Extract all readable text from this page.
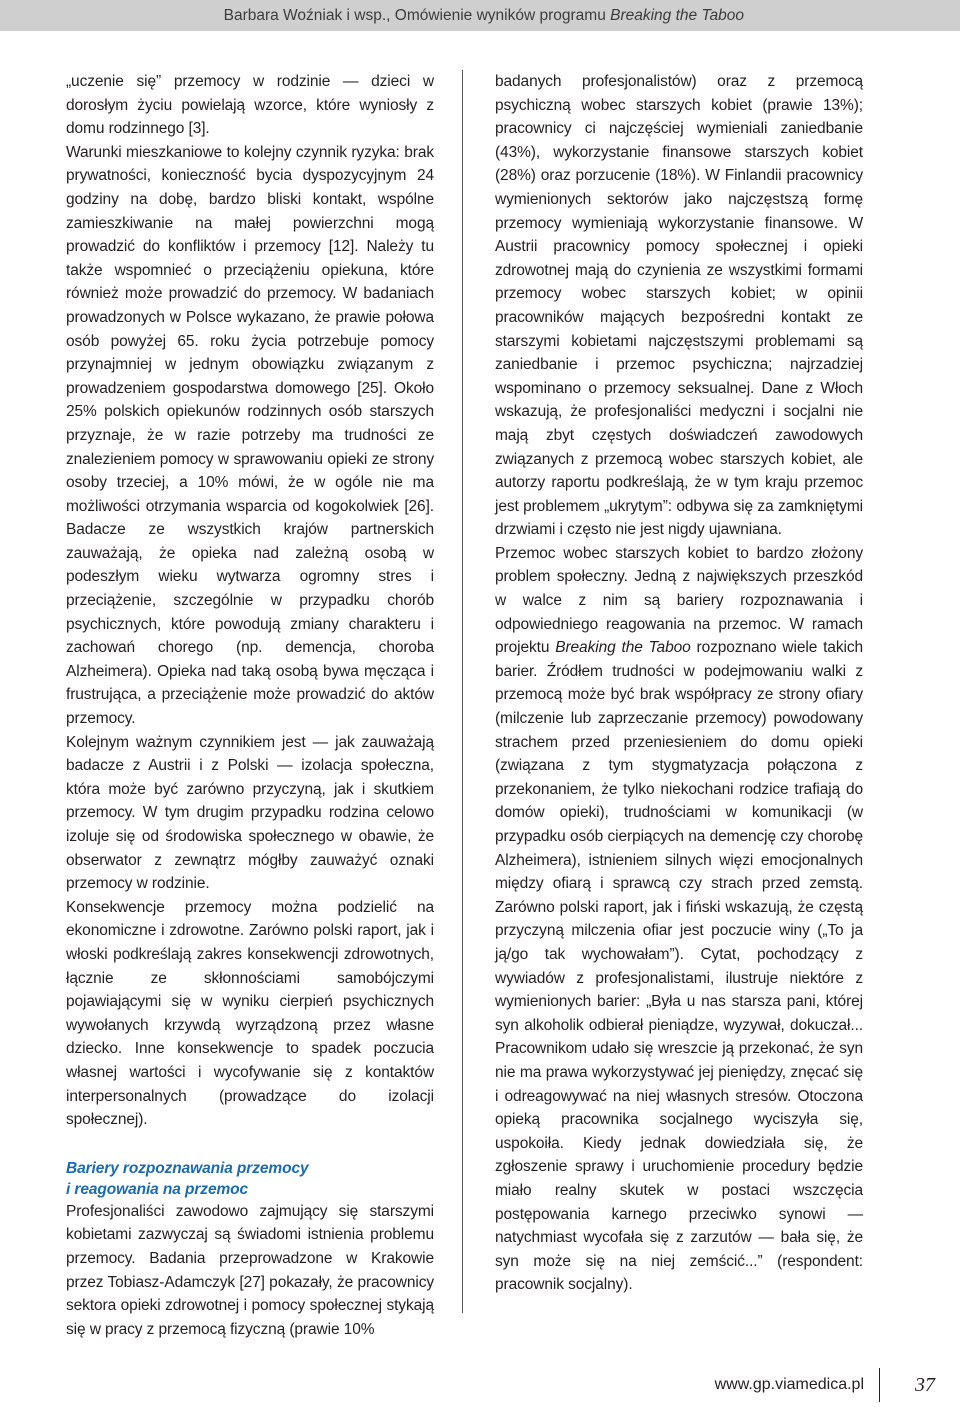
Barbara Woźniak i wsp., Omówienie wyników programu Breaking the Taboo

„uczenie się” przemocy w rodzinie — dzieci w dorosłym życiu powielają wzorce, które wyniosły z domu rodzinnego [3].

Warunki mieszkaniowe to kolejny czynnik ryzyka: brak prywatności, konieczność bycia dyspozycyjnym 24 godziny na dobę, bardzo bliski kontakt, wspólne zamieszkiwanie na małej powierzchni mogą prowadzić do konfliktów i przemocy [12]. Należy tu także wspomnieć o przeciążeniu opiekuna, które również może prowadzić do przemocy. W badaniach prowadzonych w Polsce wykazano, że prawie połowa osób powyżej 65. roku życia potrzebuje pomocy przynajmniej w jednym obowiązku związanym z prowadzeniem gospodarstwa domowego [25]. Około 25% polskich opiekunów rodzinnych osób starszych przyznaje, że w razie potrzeby ma trudności ze znalezieniem pomocy w sprawowaniu opieki ze strony osoby trzeciej, a 10% mówi, że w ogóle nie ma możliwości otrzymania wsparcia od kogokolwiek [26]. Badacze ze wszystkich krajów partnerskich zauważają, że opieka nad zależną osobą w podeszłym wieku wytwarza ogromny stres i przeciążenie, szczególnie w przypadku chorób psychicznych, które powodują zmiany charakteru i zachowań chorego (np. demencja, choroba Alzheimera). Opieka nad taką osobą bywa męcząca i frustrująca, a przeciążenie może prowadzić do aktów przemocy.

Kolejnym ważnym czynnikiem jest — jak zauważają badacze z Austrii i z Polski — izolacja społeczna, która może być zarówno przyczyną, jak i skutkiem przemocy. W tym drugim przypadku rodzina celowo izoluje się od środowiska społecznego w obawie, że obserwator z zewnątrz mógłby zauważyć oznaki przemocy w rodzinie.

Konsekwencje przemocy można podzielić na ekonomiczne i zdrowotne. Zarówno polski raport, jak i włoski podkreślają zakres konsekwencji zdrowotnych, łącznie ze skłonnościami samobójczymi pojawiającymi się w wyniku cierpień psychicznych wywołanych krzywdą wyrządzoną przez własne dziecko. Inne konsekwencje to spadek poczucia własnej wartości i wycofywanie się z kontaktów interpersonalnych (prowadzące do izolacji społecznej).

Bariery rozpoznawania przemocy
i reagowania na przemoc

Profesjonaliści zawodowo zajmujący się starszymi kobietami zazwyczaj są świadomi istnienia problemu przemocy. Badania przeprowadzone w Krakowie przez Tobiasz-Adamczyk [27] pokazały, że pracownicy sektora opieki zdrowotnej i pomocy społecznej stykają się w pracy z przemocą fizyczną (prawie 10%

badanych profesjonalistów) oraz z przemocą psychiczną wobec starszych kobiet (prawie 13%); pracownicy ci najczęściej wymieniali zaniedbanie (43%), wykorzystanie finansowe starszych kobiet (28%) oraz porzucenie (18%). W Finlandii pracownicy wymienionych sektorów jako najczęstszą formę przemocy wymieniają wykorzystanie finansowe. W Austrii pracownicy pomocy społecznej i opieki zdrowotnej mają do czynienia ze wszystkimi formami przemocy wobec starszych kobiet; w opinii pracowników mających bezpośredni kontakt ze starszymi kobietami najczęstszymi problemami są zaniedbanie i przemoc psychiczna; najrzadziej wspominano o przemocy seksualnej. Dane z Włoch wskazują, że profesjonaliści medyczni i socjalni nie mają zbyt częstych doświadczeń zawodowych związanych z przemocą wobec starszych kobiet, ale autorzy raportu podkreślają, że w tym kraju przemoc jest problemem „ukrytym”: odbywa się za zamkniętymi drzwiami i często nie jest nigdy ujawniana.

Przemoc wobec starszych kobiet to bardzo złożony problem społeczny. Jedną z największych przeszkód w walce z nim są bariery rozpoznawania i odpowiedniego reagowania na przemoc. W ramach projektu Breaking the Taboo rozpoznano wiele takich barier. Źródłem trudności w podejmowaniu walki z przemocą może być brak współpracy ze strony ofiary (milczenie lub zaprzeczanie przemocy) powodowany strachem przed przeniesieniem do domu opieki (związana z tym stygmatyzacja połączona z przekonaniem, że tylko niekochani rodzice trafiają do domów opieki), trudnościami w komunikacji (w przypadku osób cierpiących na demencję czy chorobę Alzheimera), istnieniem silnych więzi emocjonalnych między ofiarą i sprawcą czy strach przed zemstą. Zarówno polski raport, jak i fiński wskazują, że częstą przyczyną milczenia ofiar jest poczucie winy („To ja ją/go tak wychowałam”). Cytat, pochodzący z wywiadów z profesjonalistami, ilustruje niektóre z wymienionych barier: „Była u nas starsza pani, której syn alkoholik odbierał pieniądze, wyzywał, dokuczał... Pracownikom udało się wreszcie ją przekonać, że syn nie ma prawa wykorzystywać jej pieniędzy, znęcać się i odreagowywać na niej własnych stresów. Otoczona opieką pracownika socjalnego wyciszyła się, uspokoiła. Kiedy jednak dowiedziała się, że zgłoszenie sprawy i uruchomienie procedury będzie miało realny skutek w postaci wszczęcia postępowania karnego przeciwko synowi — natychmiast wycofała się z zarzutów — bała się, że syn może się na niej zemścić...” (respondent: pracownik socjalny).

www.gp.viamedica.pl	37
